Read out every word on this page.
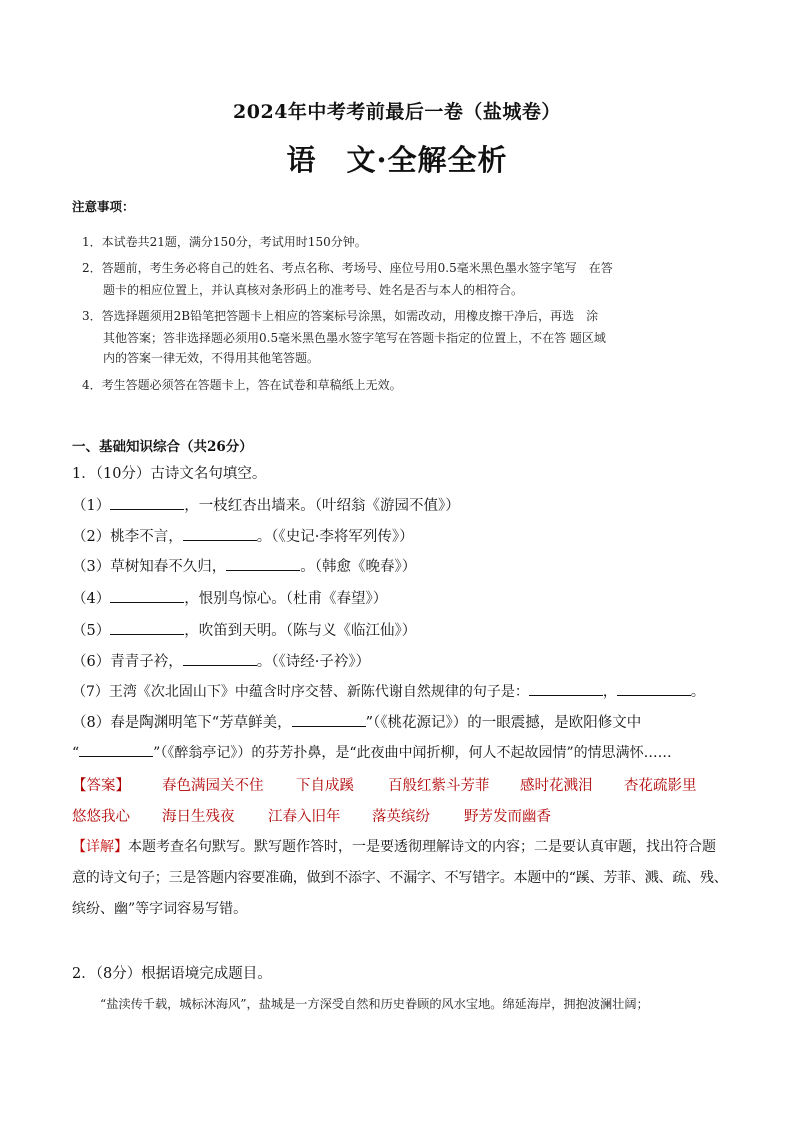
2024年中考考前最后一卷（盐城卷）
语　文·全解全析
注意事项：
1．本试卷共21题，满分150分，考试用时150分钟。
2．答题前，考生务必将自己的姓名、考点名称、考场号、座位号用0.5毫米黑色墨水签字笔写　在答
题卡的相应位置上，并认真核对条形码上的准考号、姓名是否与本人的相符合。
3．答选择题须用2B铅笔把答题卡上相应的答案标号涂黑，如需改动，用橡皮擦干净后，再选　涂
其他答案；答非选择题必须用0.5毫米黑色墨水签字笔写在答题卡指定的位置上，不在答 题区域
内的答案一律无效，不得用其他笔答题。
4．考生答题必须答在答题卡上，答在试卷和草稿纸上无效。
一、基础知识综合（共26分）
1．（10分）古诗文名句填空。
（1）	，一枝红杏出墙来。（叶绍翁《游园不值》）
（2）桃李不言，	。（《史记·李将军列传》）
（3）草树知春不久归，	。（韩愈《晚春》）
（4）	，恨别鸟惊心。（杜甫《春望》）
（5）	，吹笛到天明。（陈与义《临江仙》）
（6）青青子衿，	。（《诗经·子衿》）
（7）王湾《次北固山下》中蕴含时序交替、新陈代谢自然规律的句子是：	，	。
（8）春是陶渊明笔下“芳草鲜美，	”（《桃花源记》）的一眼震撼，是欧阳修文中
“	”（《醉翁亭记》）的芬芳扑鼻，是“此夜曲中闻折柳，何人不起故园情”的情思满怀……
【答案】 春色满园关不住 下自成蹊 百般红紫斗芳菲 感时花溅泪 杏花疏影里
悠悠我心 海日生残夜 江春入旧年 落英缤纷 野芳发而幽香
【详解】本题考查名句默写。默写题作答时，一是要透彻理解诗文的内容；二是要认真审题，找出符合题
意的诗文句子；三是答题内容要准确，做到不添字、不漏字、不写错字。本题中的“蹊、芳菲、溅、疏、残、
缤纷、幽”等字词容易写错。
2．（8分）根据语境完成题目。
“盐渎传千载，城标沐海风”，盐城是一方深受自然和历史眷顾的风水宝地。绵延海岸，拥抱波澜壮阔；
